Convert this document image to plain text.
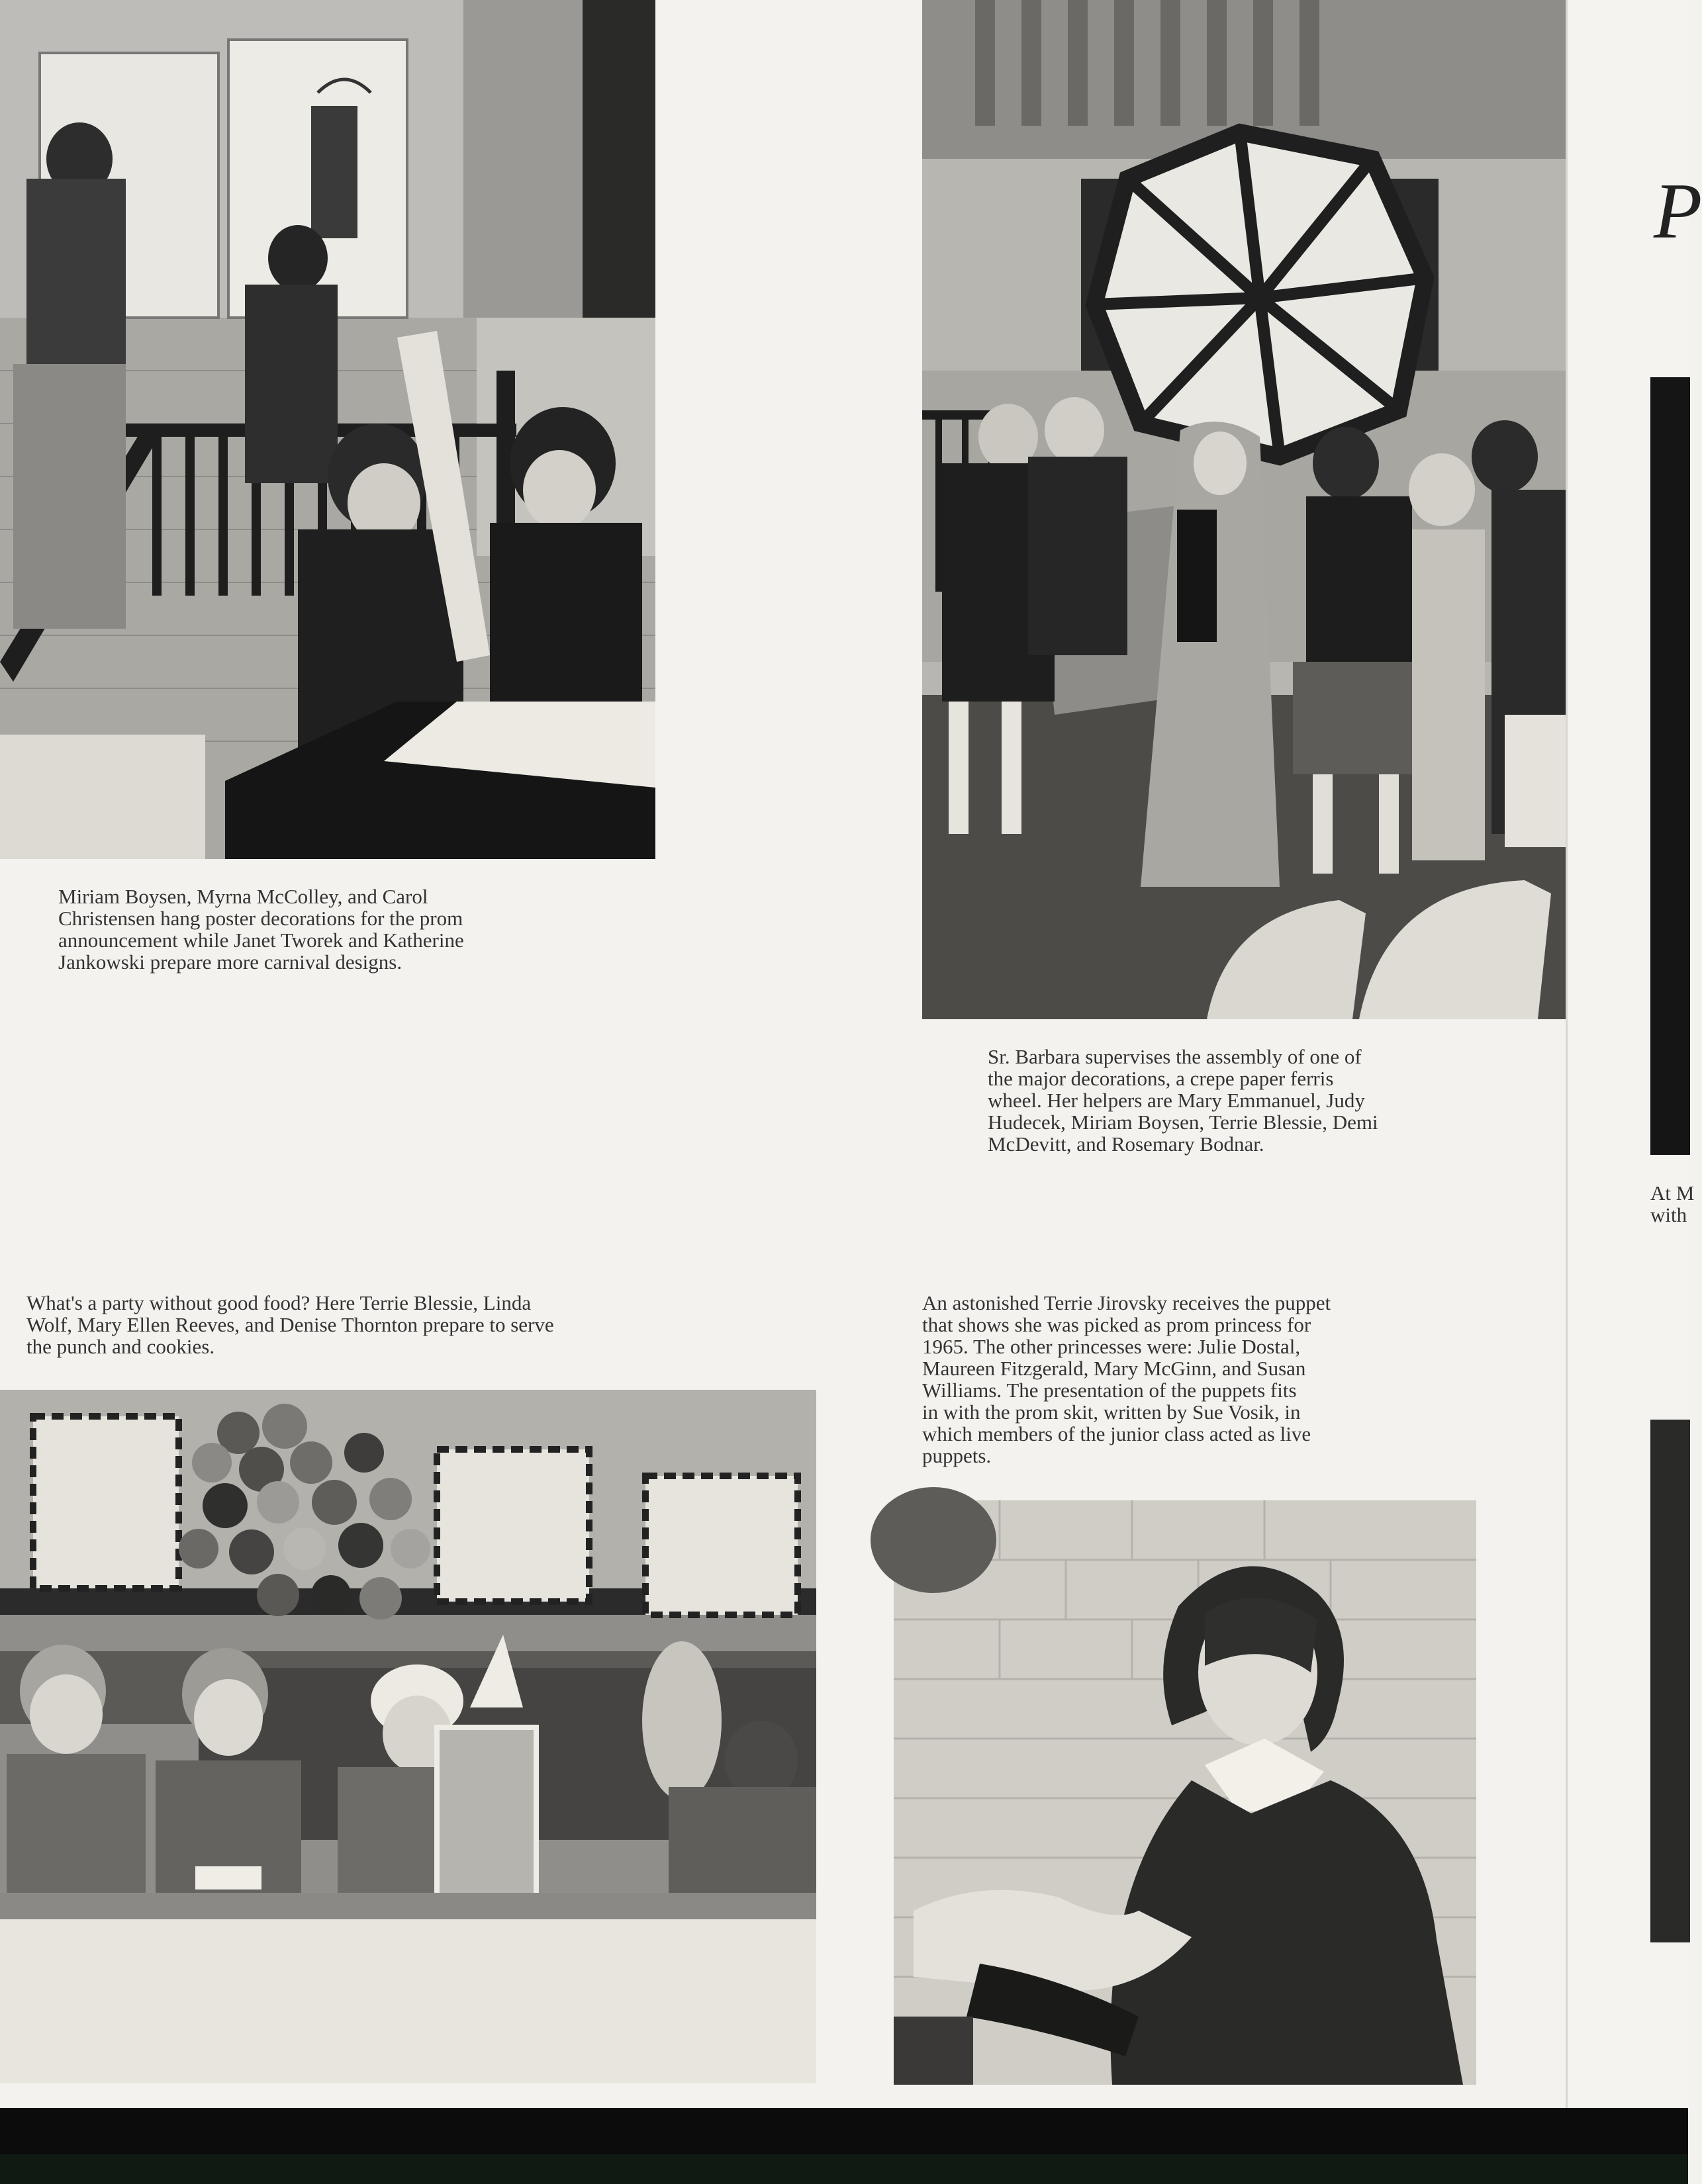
Miriam Boysen, Myrna McColley, and Carol
Christensen hang poster decorations for the prom
announcement while Janet Tworek and Katherine
Jankowski prepare more carnival designs.
Sr. Barbara supervises the assembly of one of
the major decorations, a crepe paper ferris
wheel. Her helpers are Mary Emmanuel, Judy
Hudecek, Miriam Boysen, Terrie Blessie, Demi
McDevitt, and Rosemary Bodnar.
What's a party without good food? Here Terrie Blessie, Linda
Wolf, Mary Ellen Reeves, and Denise Thornton prepare to serve
the punch and cookies.
An astonished Terrie Jirovsky receives the puppet
that shows she was picked as prom princess for
1965. The other princesses were: Julie Dostal,
Maureen Fitzgerald, Mary McGinn, and Susan
Williams. The presentation of the puppets fits
in with the prom skit, written by Sue Vosik, in
which members of the junior class acted as live
puppets.
P
At M
with
